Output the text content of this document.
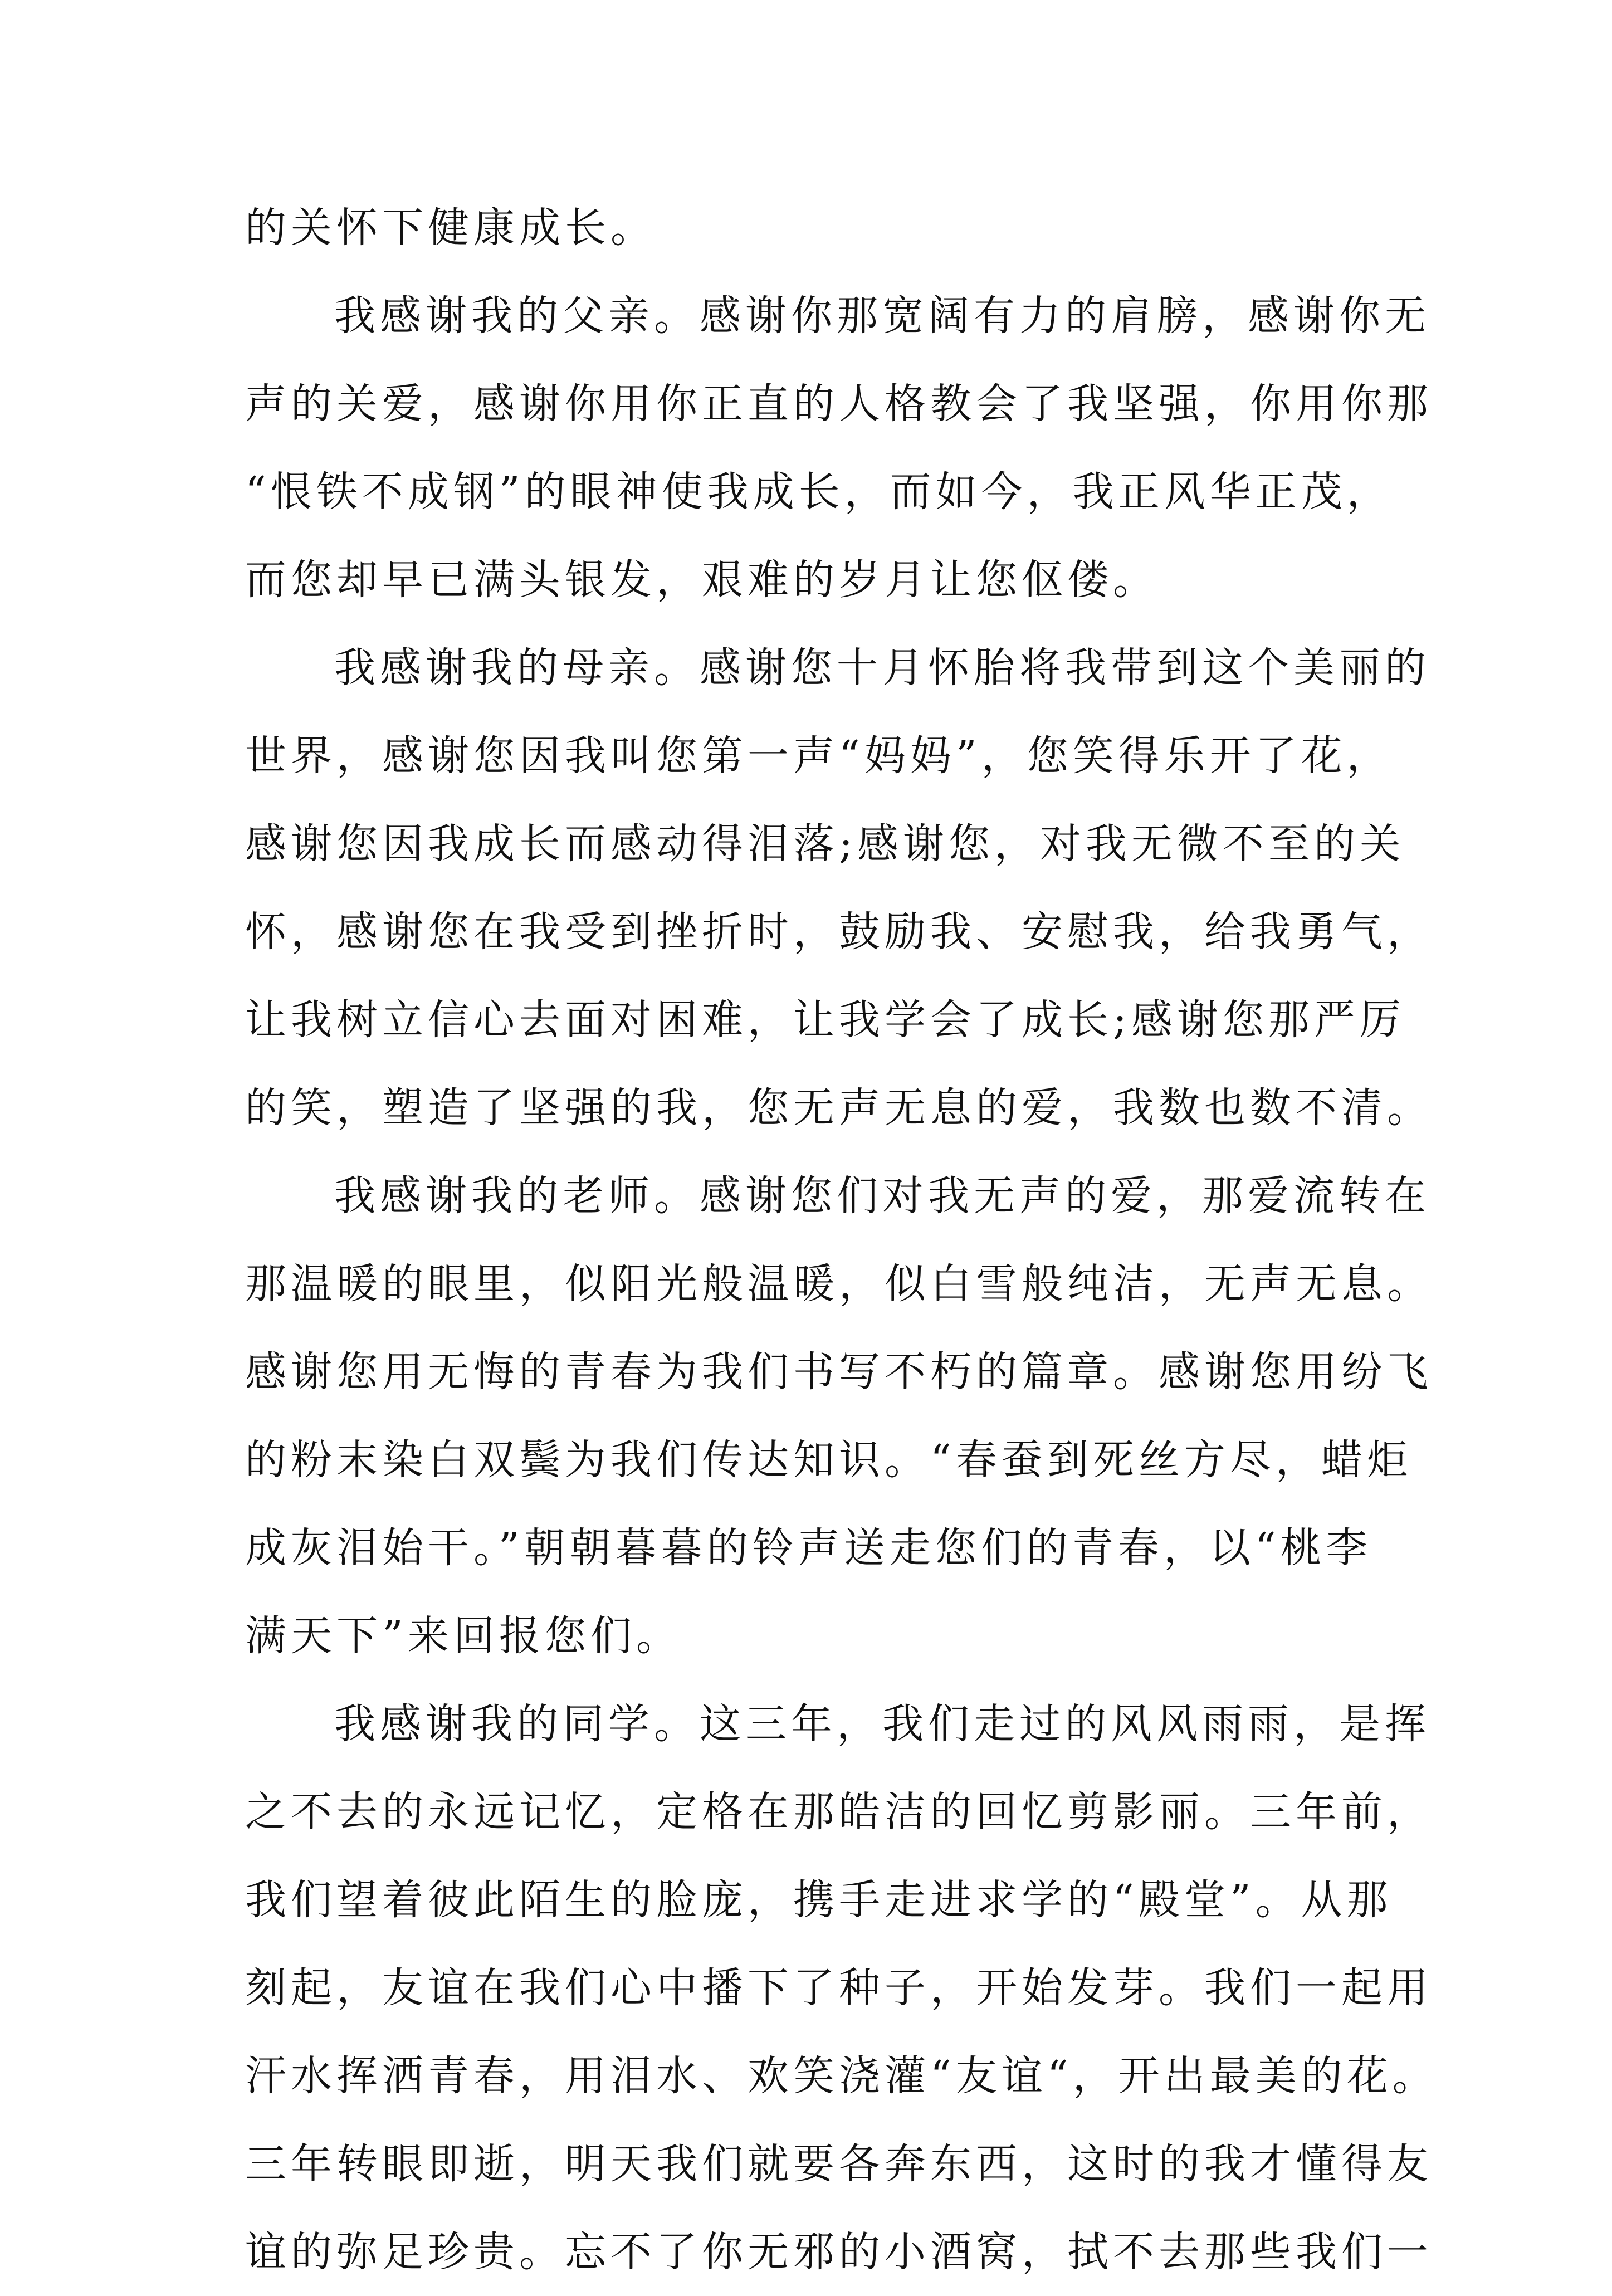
的关怀下健康成长。
我感谢我的父亲。感谢你那宽阔有力的肩膀，感谢你无
声的关爱，感谢你用你正直的人格教会了我坚强，你用你那
“恨铁不成钢”的眼神使我成长，而如今，我正风华正茂，
而您却早已满头银发，艰难的岁月让您伛偻。
我感谢我的母亲。感谢您十月怀胎将我带到这个美丽的
世界，感谢您因我叫您第一声“妈妈”，您笑得乐开了花，
感谢您因我成长而感动得泪落;感谢您，对我无微不至的关
怀，感谢您在我受到挫折时，鼓励我、安慰我，给我勇气，
让我树立信心去面对困难，让我学会了成长;感谢您那严厉
的笑，塑造了坚强的我，您无声无息的爱，我数也数不清。
我感谢我的老师。感谢您们对我无声的爱，那爱流转在
那温暖的眼里，似阳光般温暖，似白雪般纯洁，无声无息。
感谢您用无悔的青春为我们书写不朽的篇章。感谢您用纷飞
的粉末染白双鬓为我们传达知识。“春蚕到死丝方尽，蜡炬
成灰泪始干。”朝朝暮暮的铃声送走您们的青春，以“桃李
满天下”来回报您们。
我感谢我的同学。这三年，我们走过的风风雨雨，是挥
之不去的永远记忆，定格在那皓洁的回忆剪影丽。三年前，
我们望着彼此陌生的脸庞，携手走进求学的“殿堂”。从那
刻起，友谊在我们心中播下了种子，开始发芽。我们一起用
汗水挥洒青春，用泪水、欢笑浇灌“友谊“，开出最美的花。
三年转眼即逝，明天我们就要各奔东西，这时的我才懂得友
谊的弥足珍贵。忘不了你无邪的小酒窝，拭不去那些我们一
